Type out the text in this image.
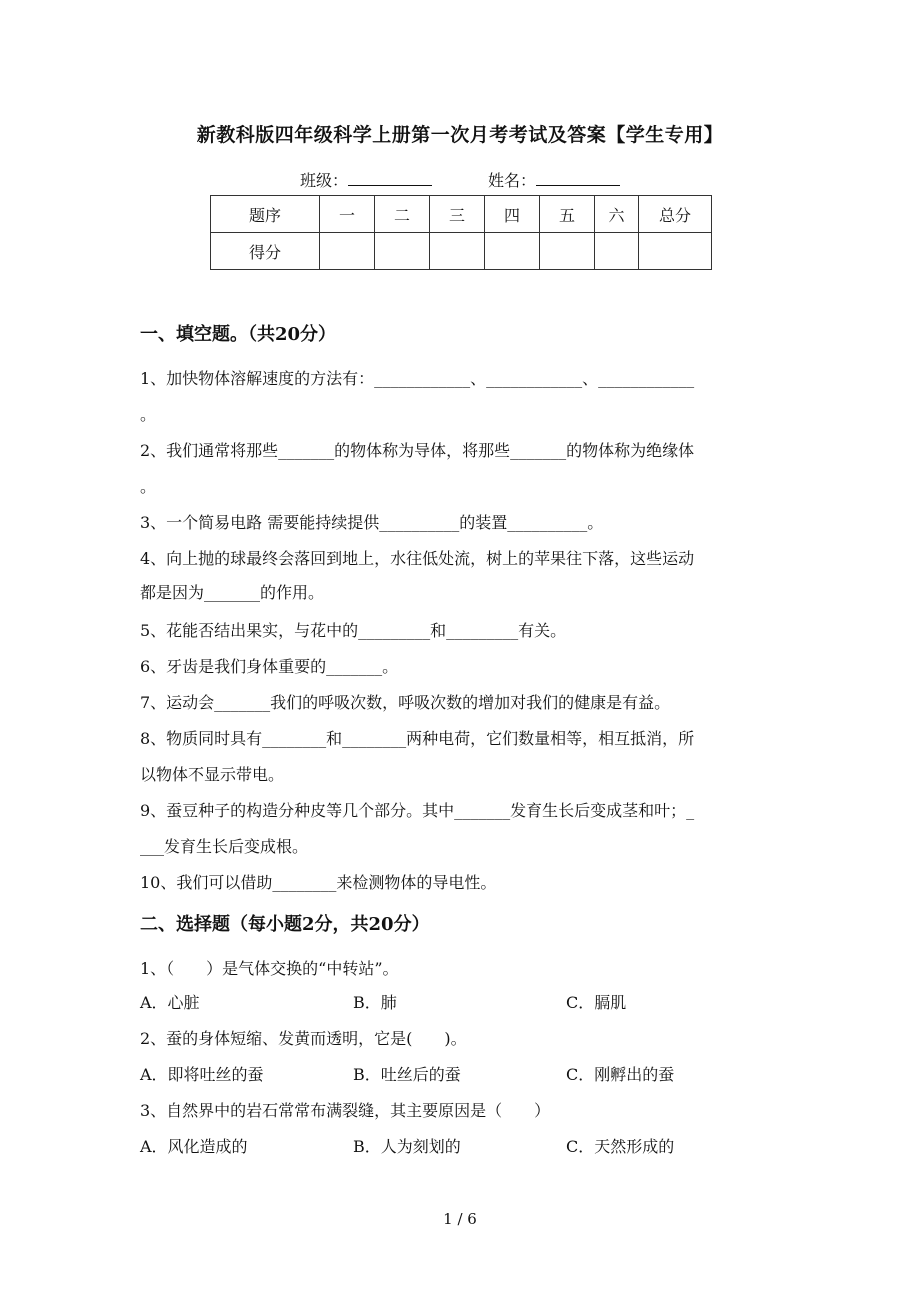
新教科版四年级科学上册第一次月考考试及答案【学生专用】
班级：	姓名：
题序	一	二	三	四	五	六	总分
得分							
一、填空题。（共20分）
1、加快物体溶解速度的方法有：____________、____________、____________
。
2、我们通常将那些_______的物体称为导体，将那些_______的物体称为绝缘体
。
3、一个简易电路 需要能持续提供__________的装置__________。
4、向上抛的球最终会落回到地上，水往低处流，树上的苹果往下落，这些运动
都是因为_______的作用。
5、花能否结出果实，与花中的_________和_________有关。
6、牙齿是我们身体重要的_______。
7、运动会_______我们的呼吸次数，呼吸次数的增加对我们的健康是有益。
8、物质同时具有________和________两种电荷，它们数量相等，相互抵消，所
以物体不显示带电。
9、蚕豆种子的构造分种皮等几个部分。其中_______发育生长后变成茎和叶；_
___发育生长后变成根。
10、我们可以借助________来检测物体的导电性。
二、选择题（每小题2分，共20分）
1、（　　）是气体交换的“中转站”。
A．心脏	B．肺	C．膈肌
2、蚕的身体短缩、发黄而透明，它是(　　)。
A．即将吐丝的蚕	B．吐丝后的蚕	C．刚孵出的蚕
3、自然界中的岩石常常布满裂缝，其主要原因是（　　）
A．风化造成的	B．人为刻划的	C．天然形成的
1 / 6
